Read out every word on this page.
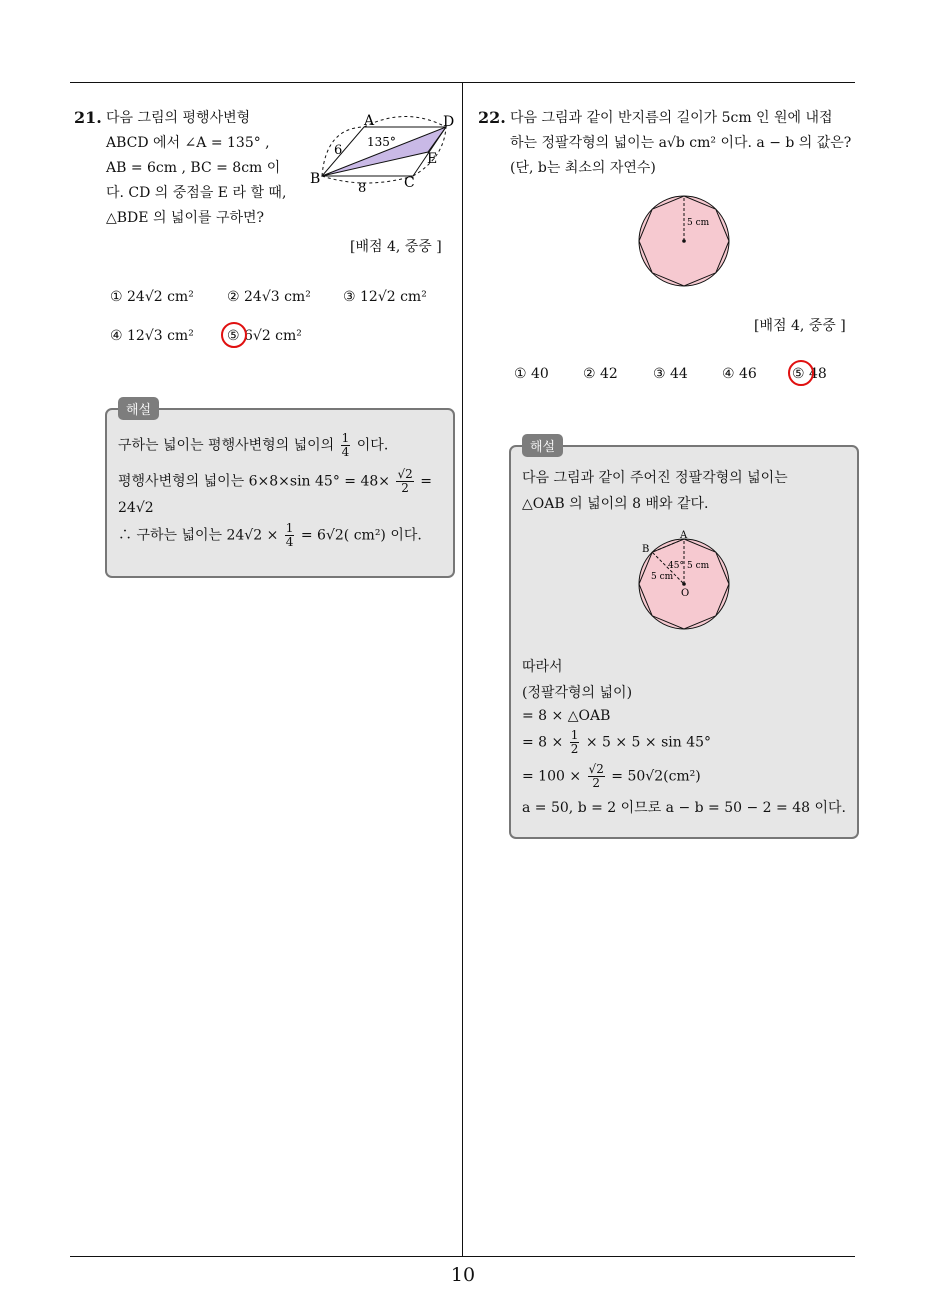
21. 다음 그림의 평행사변형
ABCD 에서 ∠A = 135° ,
AB = 6cm , BC = 8cm 이
다. CD 의 중점을 E 라 할 때,
△BDE 의 넓이를 구하면?
A	D
E
B	C
6
8
135°
[배점 4, 중중 ]
① 24√2 cm² ② 24√3 cm² ③ 12√2 cm²
④ 12√3 cm² ⑤ 6√2 cm²
해설
구하는 넓이는 평행사변형의 넓이의 $\frac{1}{4}$ 이다.
평행사변형의 넓이는 6×8×sin $45^\circ = 48\times \frac{√2}{2}$ =
24√2
∴ 구하는 넓이는 $24√2 \times \frac{1}{4} = 6√2$( cm²) 이다.
22. 다음 그림과 같이 반지름의 길이가 5cm 인 원에 내접
하는 정팔각형의 넓이는 a√b cm² 이다. a − b 의 값은?
(단, b는 최소의 자연수)
5 cm
[배점 4, 중중 ]
① 40 ② 42	③ 44 ④ 46	⑤ 48
해설
다음 그림과 같이 주어진 정팔각형의 넓이는
△OAB 의 넓이의 8 배와 같다.
A
B
O
45° 5 cm
5 cm
따라서
(정팔각형의 넓이)
= 8 × △OAB
= $8 \times \frac{1}{2} \times 5 \times 5 \times \sin 45^\circ$
= $100 \times \frac{√2}{2} = 50√2(cm^2)$
a = 50, b = 2 이므로 a − b = 50 − 2 = 48 이다.
10
